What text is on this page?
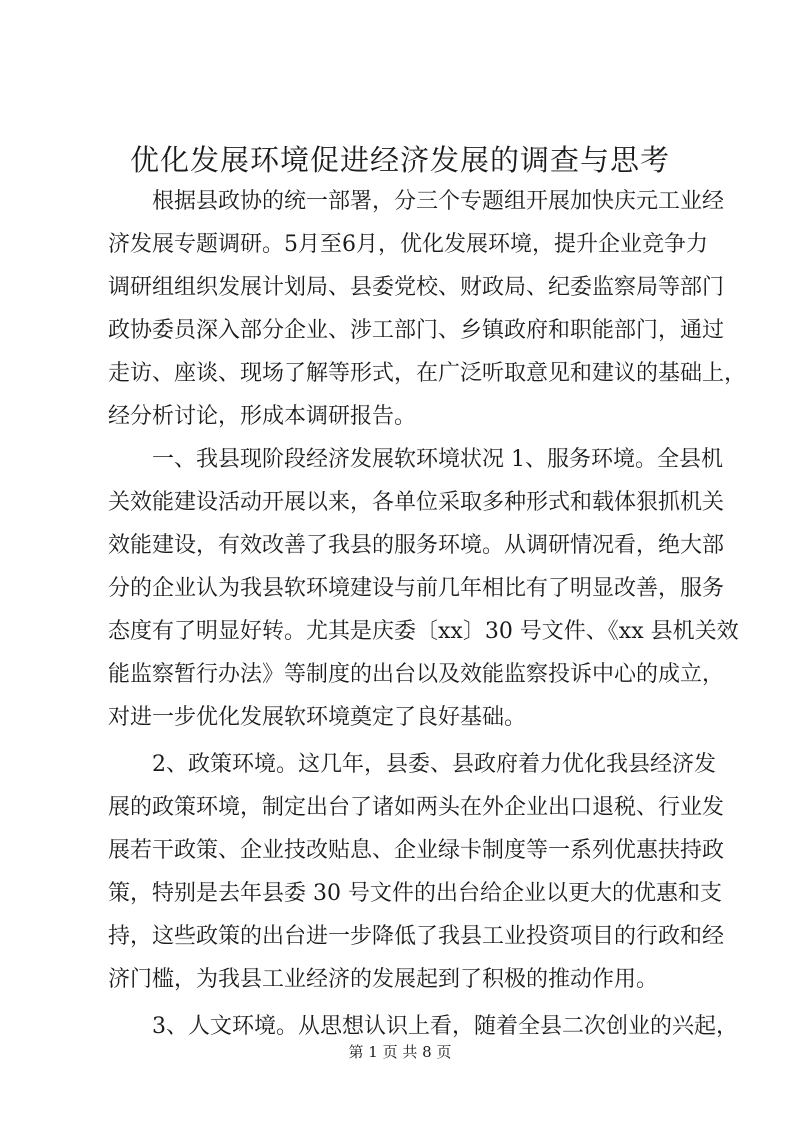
优化发展环境促进经济发展的调查与思考
根据县政协的统一部署，分三个专题组开展加快庆元工业经
济发展专题调研。5月至6月，优化发展环境，提升企业竞争力
调研组组织发展计划局、县委党校、财政局、纪委监察局等部门
政协委员深入部分企业、涉工部门、乡镇政府和职能部门，通过
走访、座谈、现场了解等形式，在广泛听取意见和建议的基础上，
经分析讨论，形成本调研报告。
一、我县现阶段经济发展软环境状况 1、服务环境。全县机
关效能建设活动开展以来，各单位采取多种形式和载体狠抓机关
效能建设，有效改善了我县的服务环境。从调研情况看，绝大部
分的企业认为我县软环境建设与前几年相比有了明显改善，服务
态度有了明显好转。尤其是庆委〔xx〕30 号文件、《xx 县机关效
能监察暂行办法》等制度的出台以及效能监察投诉中心的成立，
对进一步优化发展软环境奠定了良好基础。
2、政策环境。这几年，县委、县政府着力优化我县经济发
展的政策环境，制定出台了诸如两头在外企业出口退税、行业发
展若干政策、企业技改贴息、企业绿卡制度等一系列优惠扶持政
策，特别是去年县委 30 号文件的出台给企业以更大的优惠和支
持，这些政策的出台进一步降低了我县工业投资项目的行政和经
济门槛，为我县工业经济的发展起到了积极的推动作用。
3、人文环境。从思想认识上看，随着全县二次创业的兴起，
第 1 页 共 8 页
